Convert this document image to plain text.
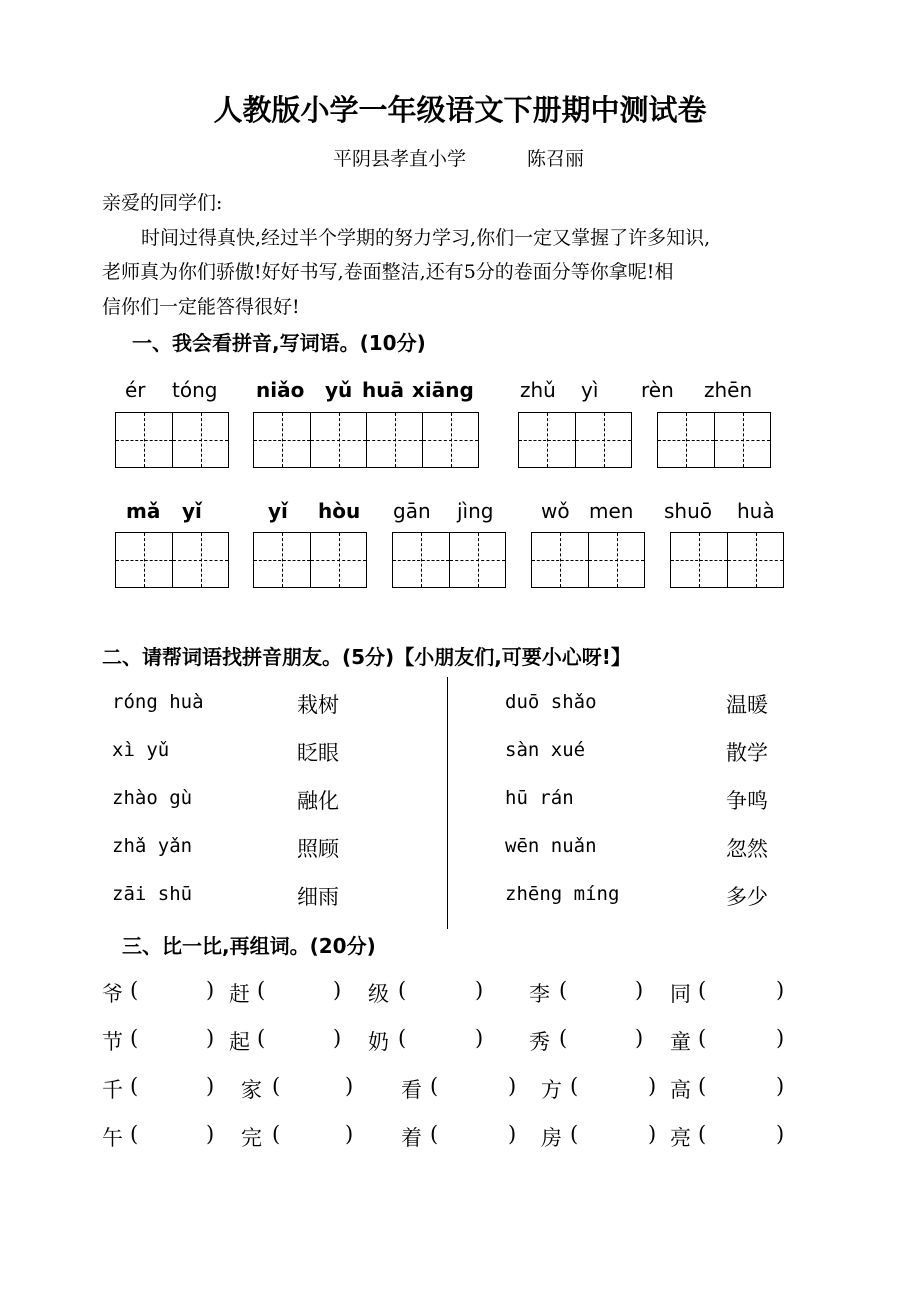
人教版小学一年级语文下册期中测试卷
平阴县孝直小学	陈召丽
亲爱的同学们:
时间过得真快,经过半个学期的努力学习,你们一定又掌握了许多知识,
老师真为你们骄傲!好好书写,卷面整洁,还有5分的卷面分等你拿呢!相
信你们一定能答得很好!
一、我会看拼音,写词语。(10分)
ér tóng niǎo yǔ huā xiāng zhǔ yì rèn zhēn
mǎ yǐ	yǐ hòu gān jìng wǒ men shuō huà
二、请帮词语找拼音朋友。(5分)【小朋友们,可要小心呀!】
róng huà	栽树
xì yǔ	眨眼
zhào gù	融化
zhǎ yǎn	照顾
zāi shū	细雨
duō shǎo	温暖
sàn xué	散学
hū rán	争鸣
wēn nuǎn	忽然
zhēng míng	多少
三、比一比,再组词。(20分)
爷 (	) 赶 (	) 级 (	) 李 (	) 同 (	)
节 (	) 起 (	) 奶 (	) 秀 (	) 童 (	)
千 (	) 家 (	) 看 (	) 方 (	) 高 (	)
午 (	) 完 (	) 着 (	) 房 (	) 亮 (	)
